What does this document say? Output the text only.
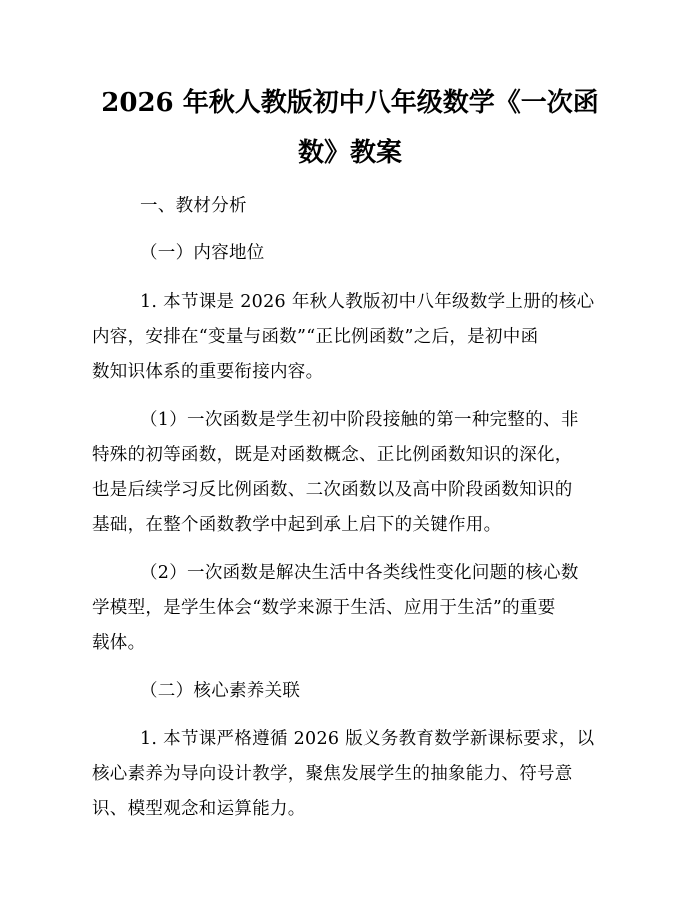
2026 年秋人教版初中八年级数学《一次函
数》教案
一、教材分析
（一）内容地位
1. 本节课是 2026 年秋人教版初中八年级数学上册的核心
内容，安排在“变量与函数”“正比例函数”之后，是初中函
数知识体系的重要衔接内容。
（1）一次函数是学生初中阶段接触的第一种完整的、非
特殊的初等函数，既是对函数概念、正比例函数知识的深化，
也是后续学习反比例函数、二次函数以及高中阶段函数知识的
基础，在整个函数教学中起到承上启下的关键作用。
（2）一次函数是解决生活中各类线性变化问题的核心数
学模型，是学生体会“数学来源于生活、应用于生活”的重要
载体。
（二）核心素养关联
1. 本节课严格遵循 2026 版义务教育数学新课标要求，以
核心素养为导向设计教学，聚焦发展学生的抽象能力、符号意
识、模型观念和运算能力。
